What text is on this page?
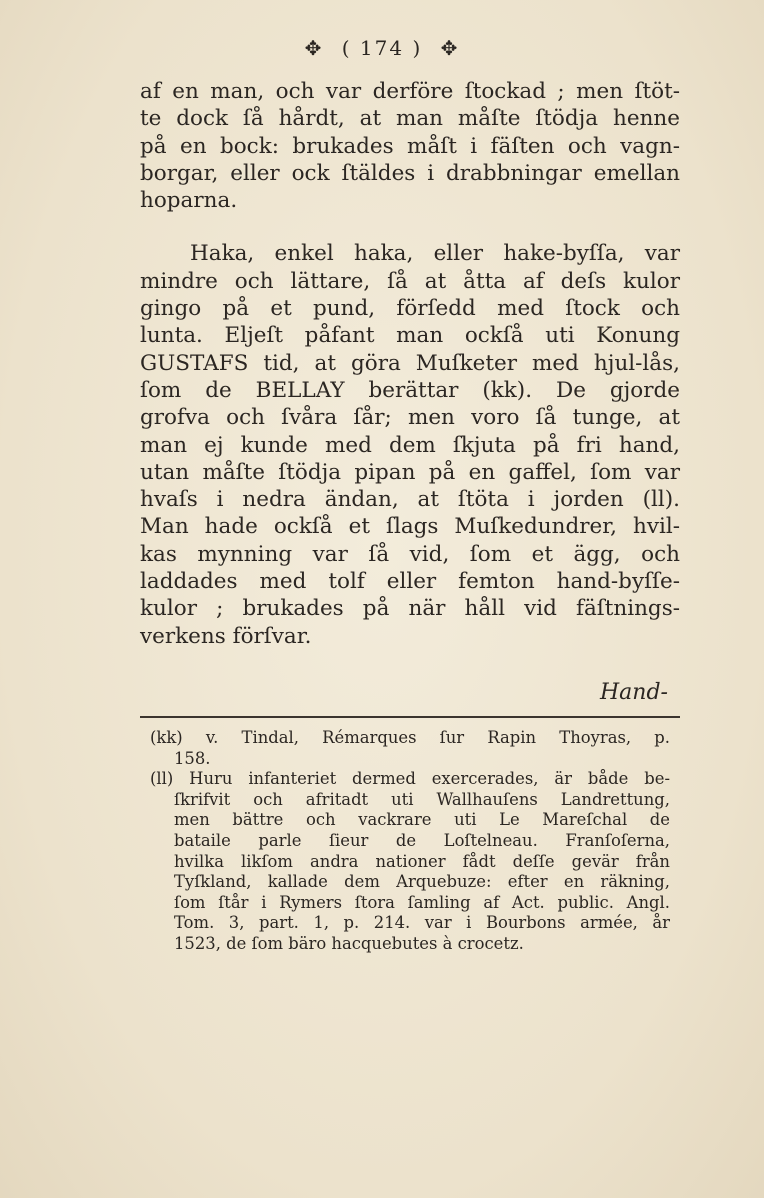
✥ ( 174 ) ✥
af en man, och var derföre ſtockad ; men ſtöt-
te dock ſå hårdt, at man måſte ſtödja henne
på en bock: brukades måſt i fäſten och vagn-
borgar, eller ock ſtäldes i drabbningar emellan
hoparna.
Haka, enkel haka, eller hake-byſſa, var
mindre och lättare, ſå at åtta af deſs kulor
gingo på et pund, förſedd med ſtock och
lunta. Eljeſt påfant man ockſå uti Konung
GUSTAFS tid, at göra Muſketer med hjul-lås,
ſom de BELLAY berättar (kk). De gjorde
grofva och ſvåra ſår; men voro ſå tunge, at
man ej kunde med dem ſkjuta på fri hand,
utan måſte ſtödja pipan på en gaffel, ſom var
hvaſs i nedra ändan, at ſtöta i jorden (ll).
Man hade ockſå et ſlags Muſkedundrer, hvil-
kas mynning var ſå vid, ſom et ägg, och
laddades med tolf eller femton hand-byſſe-
kulor ; brukades på när håll vid fäſtnings-
verkens förſvar.
Hand-
(kk) v. Tindal, Rémarques ſur Rapin Thoyras, p.
158.
(ll) Huru infanteriet dermed exercerades, är både be-
ſkrifvit och afritadt uti Wallhauſens Landrettung,
men bättre och vackrare uti Le Mareſchal de
bataile parle ſieur de Loſtelneau. Franſoſerna,
hvilka likſom andra nationer fådt deſſe gevär från
Tyſkland, kallade dem Arquebuze: efter en räkning,
ſom ſtår i Rymers ſtora ſamling af Act. public. Angl.
Tom. 3, part. 1, p. 214. var i Bourbons armée, år
1523, de ſom bäro hacquebutes à crocetz.
